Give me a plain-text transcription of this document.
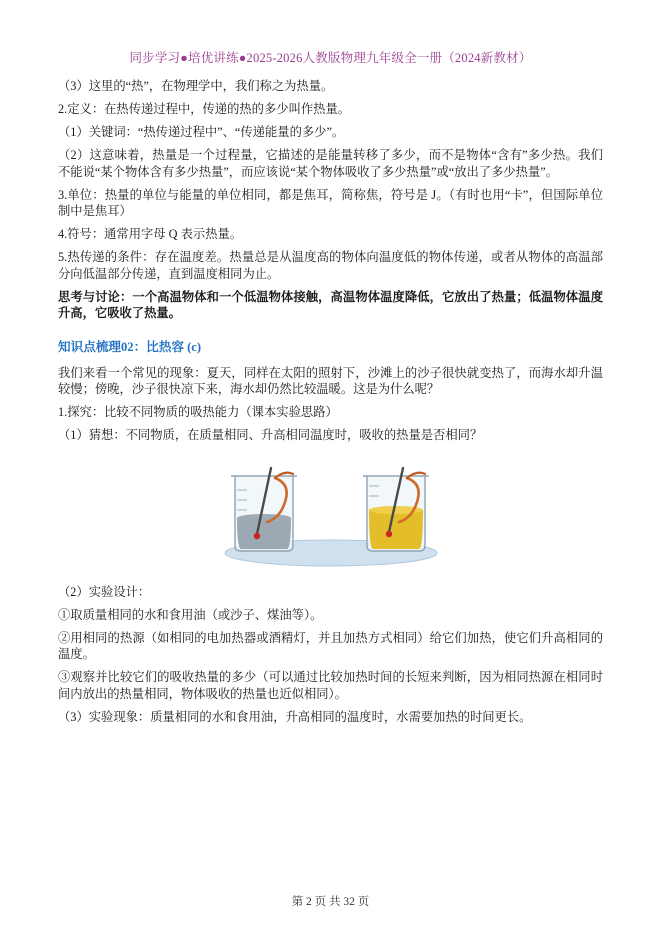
同步学习●培优讲练●2025-2026人教版物理九年级全一册（2024新教材）

（3）这里的“热”，在物理学中，我们称之为热量。

2.定义：在热传递过程中，传递的热的多少叫作热量。

（1）关键词：“热传递过程中”、“传递能量的多少”。

（2）这意味着，热量是一个过程量，它描述的是能量转移了多少，而不是物体“含有”多少热。我们不能说“某个物体含有多少热量”，而应该说“某个物体吸收了多少热量”或“放出了多少热量”。

3.单位：热量的单位与能量的单位相同，都是焦耳，简称焦，符号是 J。（有时也用“卡”，但国际单位制中是焦耳）

4.符号：通常用字母 Q 表示热量。

5.热传递的条件：存在温度差。热量总是从温度高的物体向温度低的物体传递，或者从物体的高温部分向低温部分传递，直到温度相同为止。

思考与讨论：一个高温物体和一个低温物体接触，高温物体温度降低，它放出了热量；低温物体温度升高，它吸收了热量。

知识点梳理02：比热容 (c)

我们来看一个常见的现象：夏天，同样在太阳的照射下，沙滩上的沙子很快就变热了，而海水却升温较慢；傍晚，沙子很快凉下来，海水却仍然比较温暖。这是为什么呢？

1.探究：比较不同物质的吸热能力（课本实验思路）

（1）猜想：不同物质，在质量相同、升高相同温度时，吸收的热量是否相同？

（2）实验设计：

①取质量相同的水和食用油（或沙子、煤油等）。

②用相同的热源（如相同的电加热器或酒精灯，并且加热方式相同）给它们加热，使它们升高相同的温度。

③观察并比较它们的吸收热量的多少（可以通过比较加热时间的长短来判断，因为相同热源在相同时间内放出的热量相同，物体吸收的热量也近似相同）。

（3）实验现象：质量相同的水和食用油，升高相同的温度时，水需要加热的时间更长。

第 2 页 共 32 页
